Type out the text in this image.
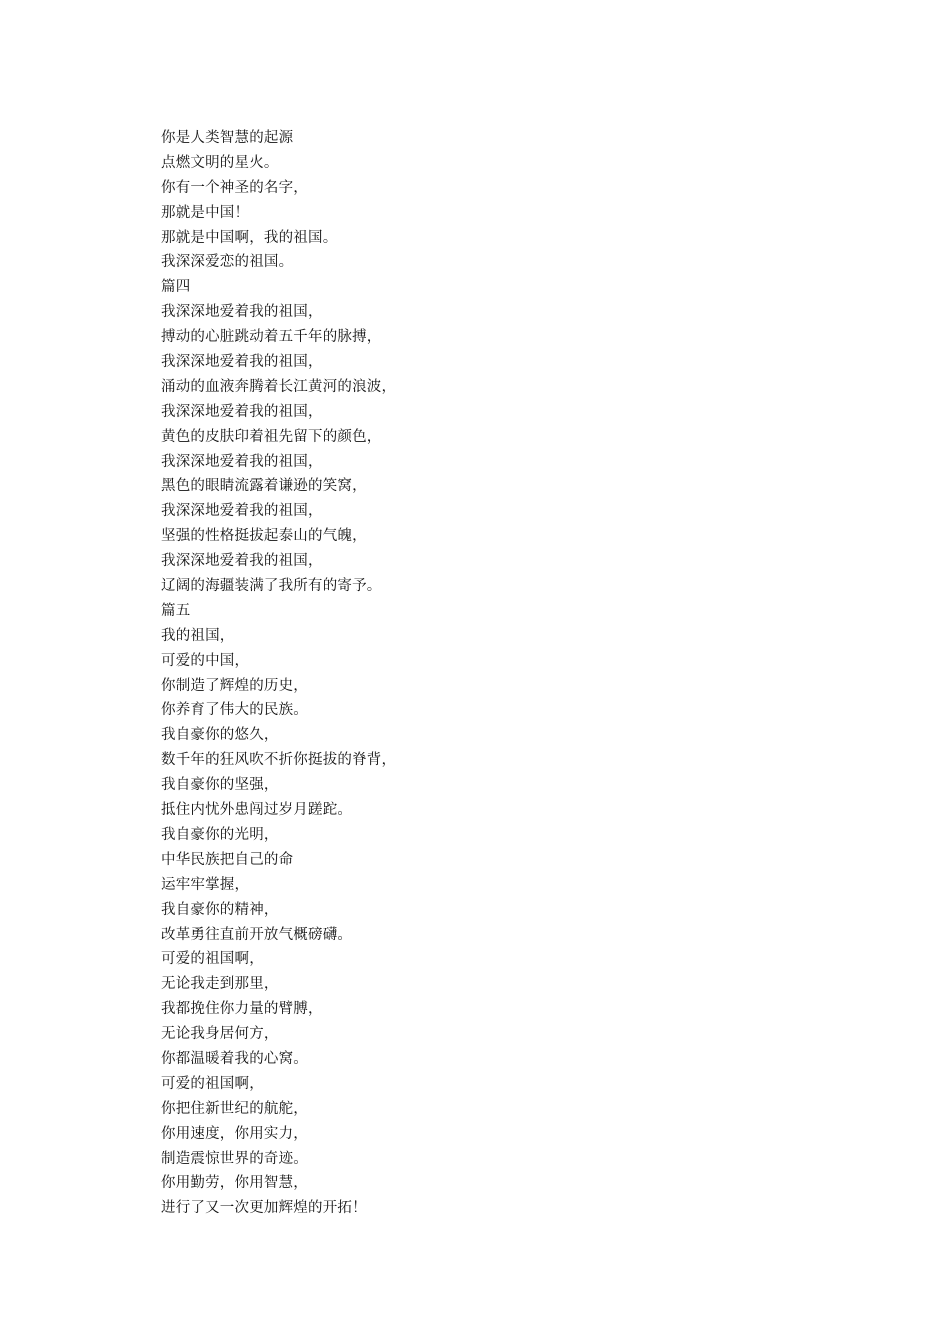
你是人类智慧的起源
点燃文明的星火。
你有一个神圣的名字，
那就是中国！
那就是中国啊，我的祖国。
我深深爱恋的祖国。
篇四
我深深地爱着我的祖国，
搏动的心脏跳动着五千年的脉搏，
我深深地爱着我的祖国，
涌动的血液奔腾着长江黄河的浪波，
我深深地爱着我的祖国，
黄色的皮肤印着祖先留下的颜色，
我深深地爱着我的祖国，
黑色的眼睛流露着谦逊的笑窝，
我深深地爱着我的祖国，
坚强的性格挺拔起泰山的气魄，
我深深地爱着我的祖国，
辽阔的海疆装满了我所有的寄予。
篇五
我的祖国，
可爱的中国，
你制造了辉煌的历史，
你养育了伟大的民族。
我自豪你的悠久，
数千年的狂风吹不折你挺拔的脊背，
我自豪你的坚强，
抵住内忧外患闯过岁月蹉跎。
我自豪你的光明，
中华民族把自己的命
运牢牢掌握，
我自豪你的精神，
改革勇往直前开放气概磅礴。
可爱的祖国啊，
无论我走到那里，
我都挽住你力量的臂膊，
无论我身居何方，
你都温暖着我的心窝。
可爱的祖国啊，
你把住新世纪的航舵，
你用速度，你用实力，
制造震惊世界的奇迹。
你用勤劳，你用智慧，
进行了又一次更加辉煌的开拓！
